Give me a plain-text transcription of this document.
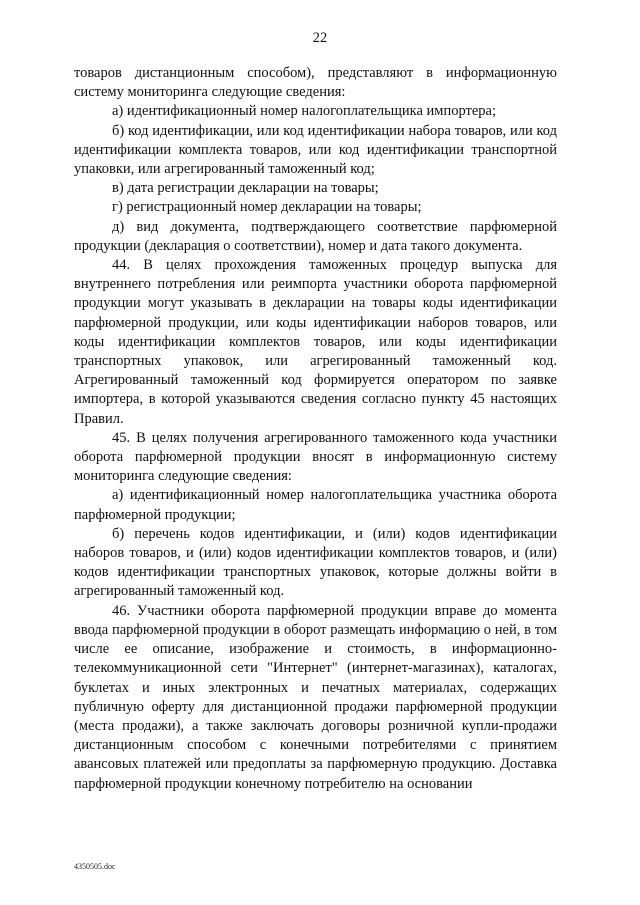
22

товаров дистанционным способом), представляют в информационную систему мониторинга следующие сведения:

а) идентификационный номер налогоплательщика импортера;

б) код идентификации, или код идентификации набора товаров, или код идентификации комплекта товаров, или код идентификации транспортной упаковки, или агрегированный таможенный код;

в) дата регистрации декларации на товары;

г) регистрационный номер декларации на товары;

д) вид документа, подтверждающего соответствие парфюмерной продукции (декларация о соответствии), номер и дата такого документа.

44. В целях прохождения таможенных процедур выпуска для внутреннего потребления или реимпорта участники оборота парфюмерной продукции могут указывать в декларации на товары коды идентификации парфюмерной продукции, или коды идентификации наборов товаров, или коды идентификации комплектов товаров, или коды идентификации транспортных упаковок, или агрегированный таможенный код. Агрегированный таможенный код формируется оператором по заявке импортера, в которой указываются сведения согласно пункту 45 настоящих Правил.

45. В целях получения агрегированного таможенного кода участники оборота парфюмерной продукции вносят в информационную систему мониторинга следующие сведения:

а) идентификационный номер налогоплательщика участника оборота парфюмерной продукции;

б) перечень кодов идентификации, и (или) кодов идентификации наборов товаров, и (или) кодов идентификации комплектов товаров, и (или) кодов идентификации транспортных упаковок, которые должны войти в агрегированный таможенный код.

46. Участники оборота парфюмерной продукции вправе до момента ввода парфюмерной продукции в оборот размещать информацию о ней, в том числе ее описание, изображение и стоимость, в информационно-телекоммуникационной сети "Интернет" (интернет-магазинах), каталогах, буклетах и иных электронных и печатных материалах, содержащих публичную оферту для дистанционной продажи парфюмерной продукции (места продажи), а также заключать договоры розничной купли-продажи дистанционным способом с конечными потребителями с принятием авансовых платежей или предоплаты за парфюмерную продукцию. Доставка парфюмерной продукции конечному потребителю на основании

4350505.doc
